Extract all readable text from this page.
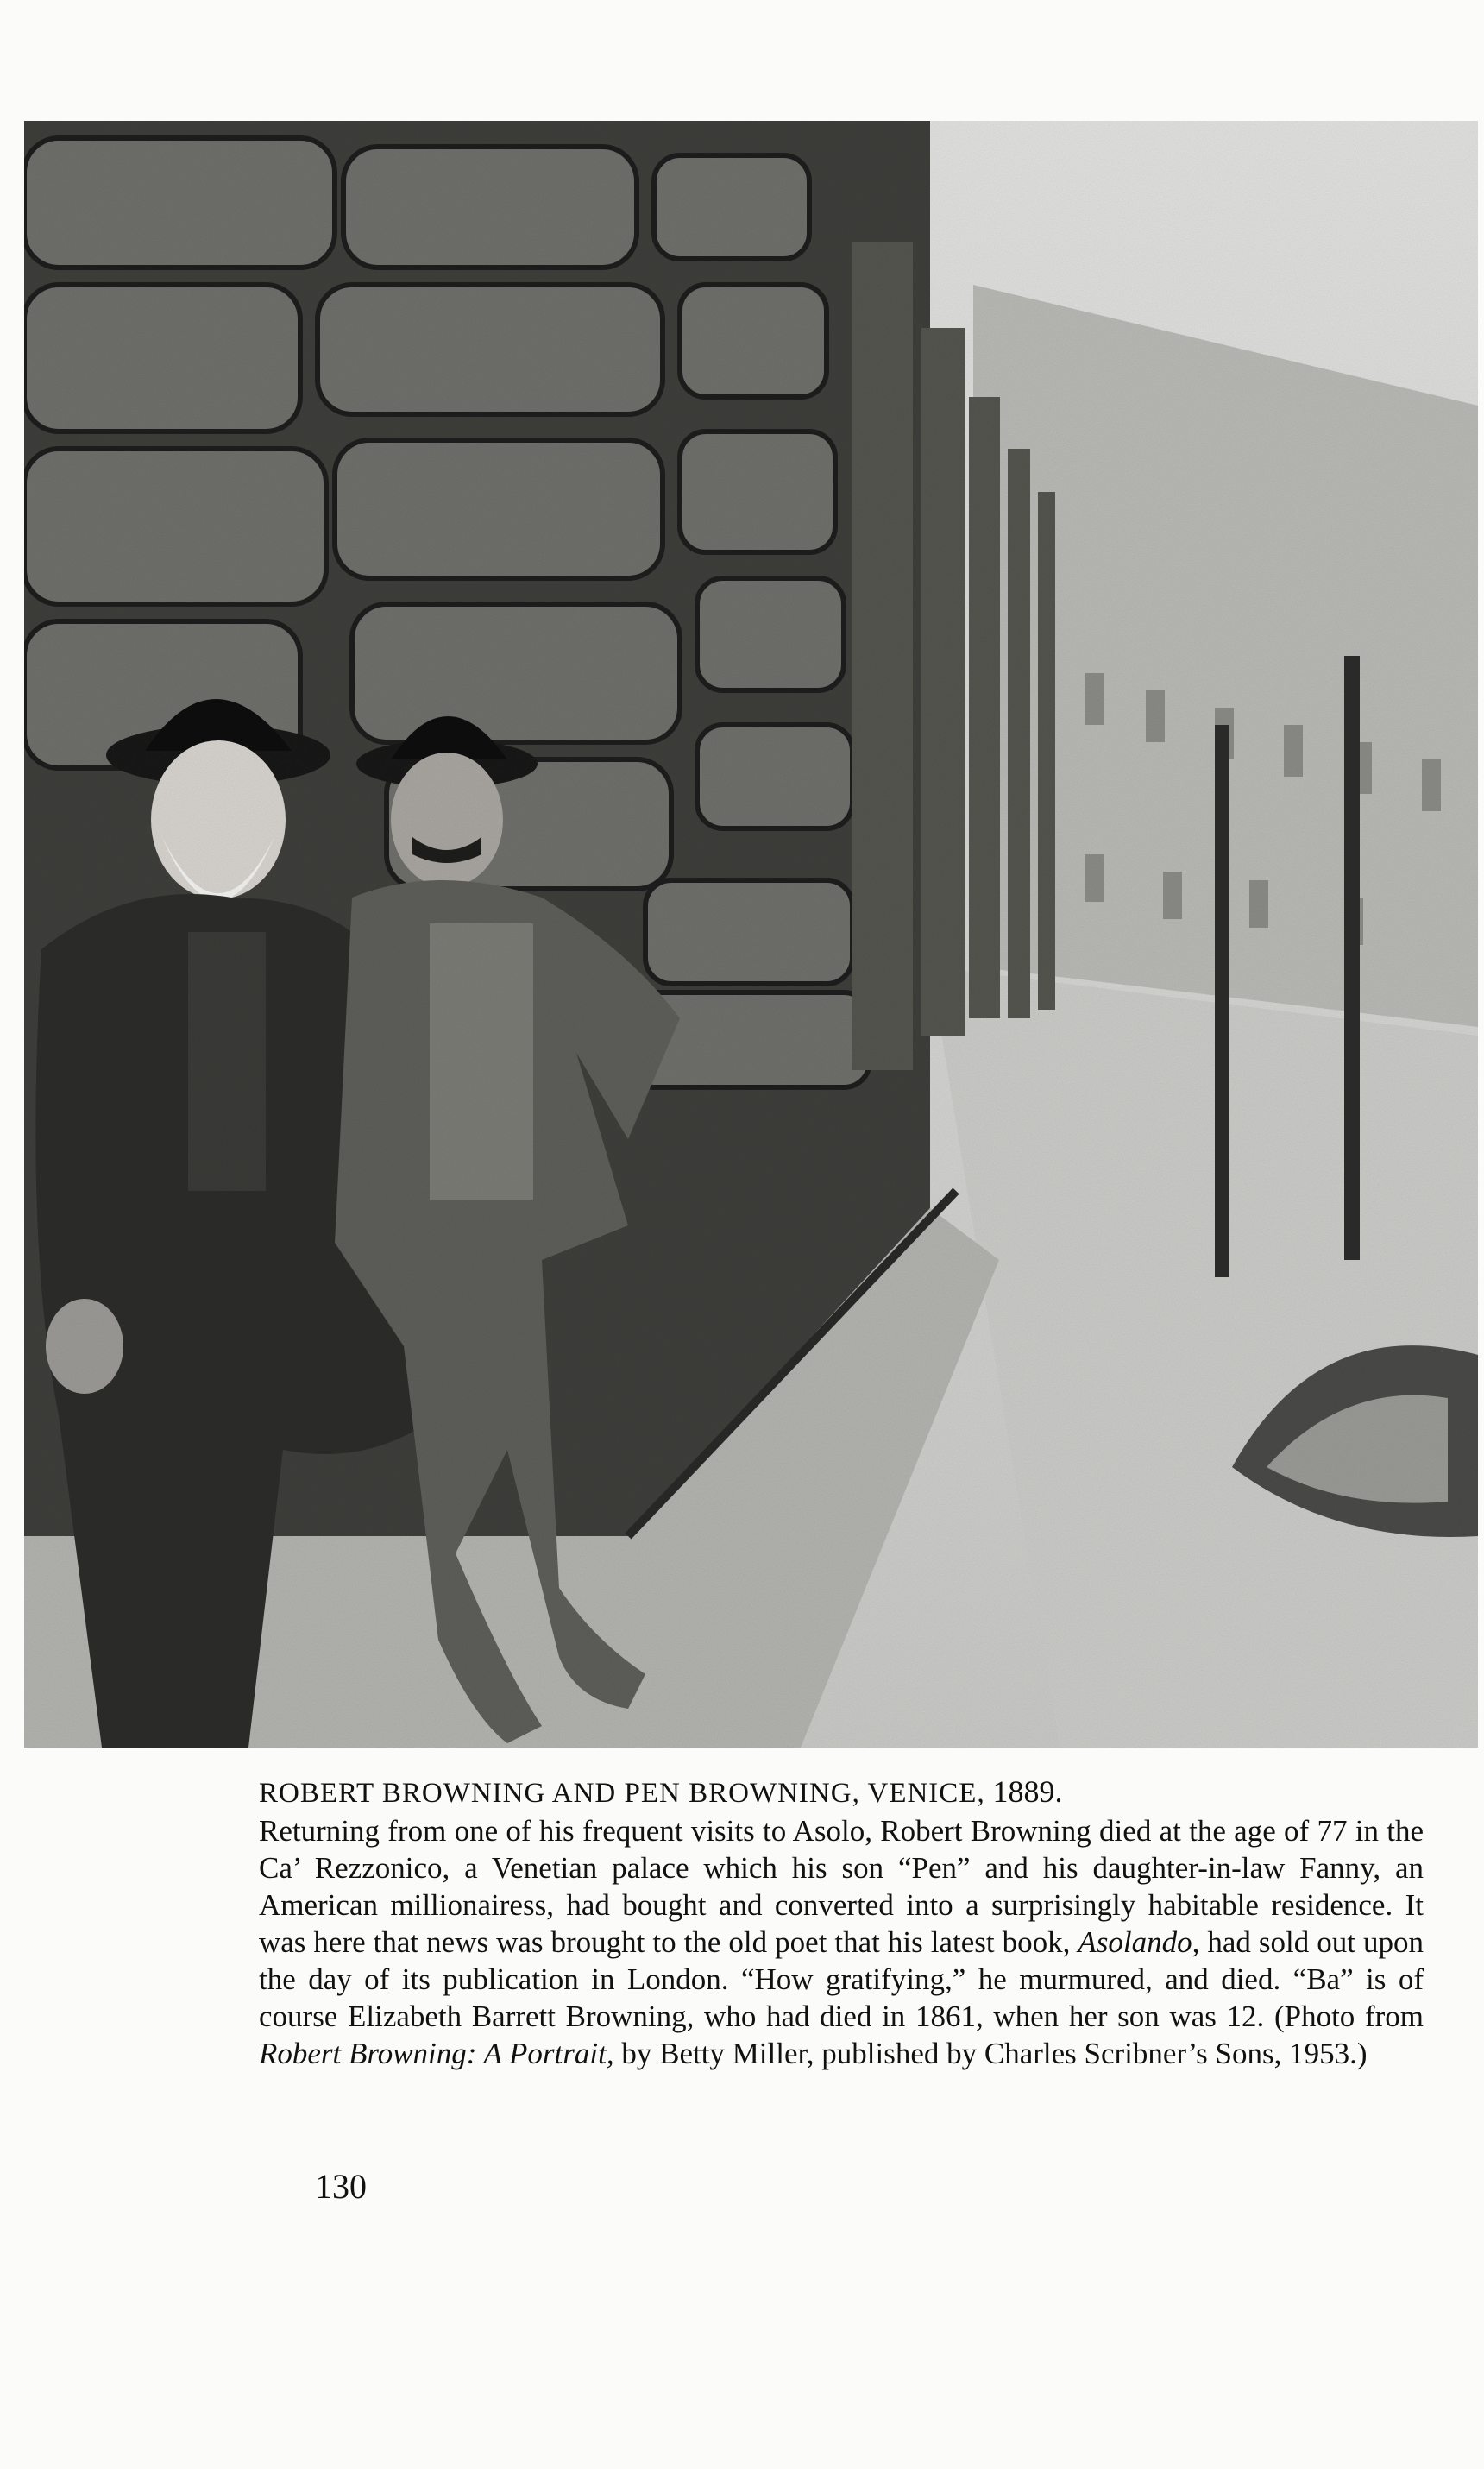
ROBERT BROWNING AND PEN BROWNING, VENICE, 1889.
Returning from one of his frequent visits to Asolo, Robert Browning died at the age of 77 in the Ca’ Rezzonico, a Venetian palace which his son “Pen” and his daughter-in-law Fanny, an American millionairess, had bought and converted into a surprisingly habitable residence. It was here that news was brought to the old poet that his latest book, Asolando, had sold out upon the day of its publication in London. “How gratifying,” he murmured, and died. “Ba” is of course Elizabeth Barrett Browning, who had died in 1861, when her son was 12. (Photo from Robert Browning: A Portrait, by Betty Miller, published by Charles Scribner’s Sons, 1953.)
130
